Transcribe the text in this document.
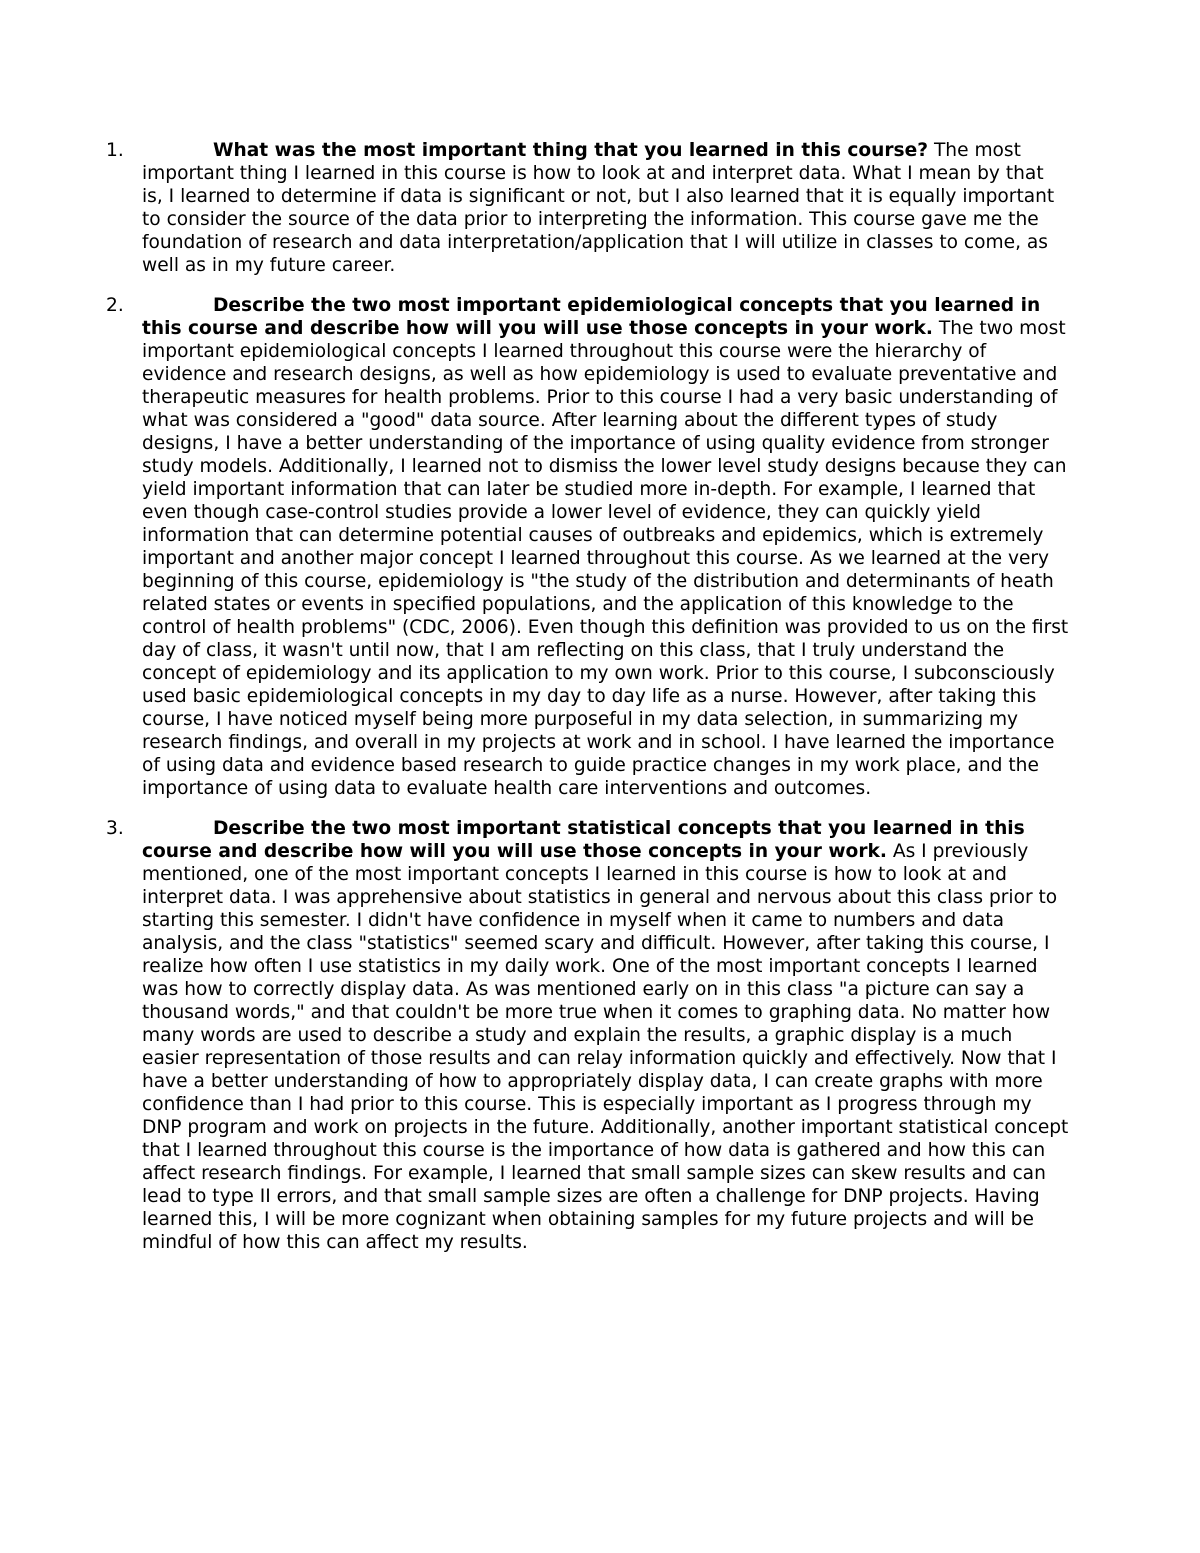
1.	What was the most important thing that you learned in this course? The most important thing I learned in this course is how to look at and interpret data. What I mean by that is, I learned to determine if data is significant or not, but I also learned that it is equally important to consider the source of the data prior to interpreting the information. This course gave me the foundation of research and data interpretation/application that I will utilize in classes to come, as well as in my future career.
2.	Describe the two most important epidemiological concepts that you learned in this course and describe how will you will use those concepts in your work. The two most important epidemiological concepts I learned throughout this course were the hierarchy of evidence and research designs, as well as how epidemiology is used to evaluate preventative and therapeutic measures for health problems. Prior to this course I had a very basic understanding of what was considered a "good" data source. After learning about the different types of study designs, I have a better understanding of the importance of using quality evidence from stronger study models. Additionally, I learned not to dismiss the lower level study designs because they can yield important information that can later be studied more in-depth. For example, I learned that even though case-control studies provide a lower level of evidence, they can quickly yield information that can determine potential causes of outbreaks and epidemics, which is extremely important and another major concept I learned throughout this course. As we learned at the very beginning of this course, epidemiology is "the study of the distribution and determinants of heath related states or events in specified populations, and the application of this knowledge to the control of health problems" (CDC, 2006). Even though this definition was provided to us on the first day of class, it wasn't until now, that I am reflecting on this class, that I truly understand the concept of epidemiology and its application to my own work. Prior to this course, I subconsciously used basic epidemiological concepts in my day to day life as a nurse. However, after taking this course, I have noticed myself being more purposeful in my data selection, in summarizing my research findings, and overall in my projects at work and in school. I have learned the importance of using data and evidence based research to guide practice changes in my work place, and the importance of using data to evaluate health care interventions and outcomes.
3.	Describe the two most important statistical concepts that you learned in this course and describe how will you will use those concepts in your work. As I previously mentioned, one of the most important concepts I learned in this course is how to look at and interpret data. I was apprehensive about statistics in general and nervous about this class prior to starting this semester. I didn't have confidence in myself when it came to numbers and data analysis, and the class "statistics" seemed scary and difficult. However, after taking this course, I realize how often I use statistics in my daily work. One of the most important concepts I learned was how to correctly display data. As was mentioned early on in this class "a picture can say a thousand words," and that couldn't be more true when it comes to graphing data. No matter how many words are used to describe a study and explain the results, a graphic display is a much easier representation of those results and can relay information quickly and effectively. Now that I have a better understanding of how to appropriately display data, I can create graphs with more confidence than I had prior to this course. This is especially important as I progress through my DNP program and work on projects in the future. Additionally, another important statistical concept that I learned throughout this course is the importance of how data is gathered and how this can affect research findings. For example, I learned that small sample sizes can skew results and can lead to type II errors, and that small sample sizes are often a challenge for DNP projects. Having learned this, I will be more cognizant when obtaining samples for my future projects and will be mindful of how this can affect my results.
